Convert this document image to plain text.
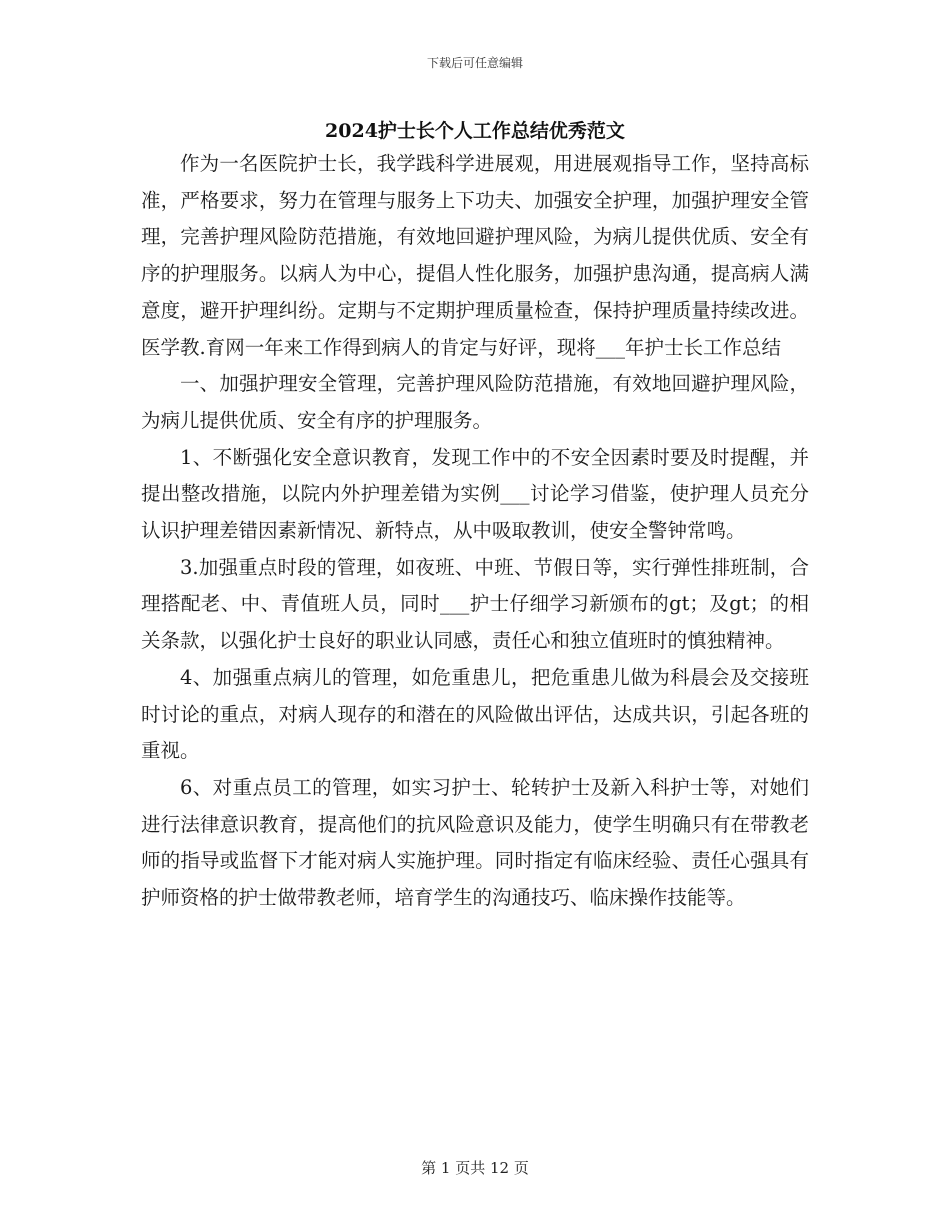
下载后可任意编辑
2024护士长个人工作总结优秀范文

作为一名医院护士长，我学践科学进展观，用进展观指导工作，坚持高标准，严格要求，努力在管理与服务上下功夫、加强安全护理，加强护理安全管理，完善护理风险防范措施，有效地回避护理风险，为病儿提供优质、安全有序的护理服务。以病人为中心，提倡人性化服务，加强护患沟通，提高病人满意度，避开护理纠纷。定期与不定期护理质量检查，保持护理质量持续改进。医学教.育网一年来工作得到病人的肯定与好评，现将___年护士长工作总结

一、加强护理安全管理，完善护理风险防范措施，有效地回避护理风险，为病儿提供优质、安全有序的护理服务。

1、不断强化安全意识教育，发现工作中的不安全因素时要及时提醒，并提出整改措施，以院内外护理差错为实例___讨论学习借鉴，使护理人员充分认识护理差错因素新情况、新特点，从中吸取教训，使安全警钟常鸣。

3.加强重点时段的管理，如夜班、中班、节假日等，实行弹性排班制，合理搭配老、中、青值班人员，同时___护士仔细学习新颁布的gt；及gt；的相关条款，以强化护士良好的职业认同感，责任心和独立值班时的慎独精神。

4、加强重点病儿的管理，如危重患儿，把危重患儿做为科晨会及交接班时讨论的重点，对病人现存的和潜在的风险做出评估，达成共识，引起各班的重视。

6、对重点员工的管理，如实习护士、轮转护士及新入科护士等，对她们进行法律意识教育，提高他们的抗风险意识及能力，使学生明确只有在带教老师的指导或监督下才能对病人实施护理。同时指定有临床经验、责任心强具有护师资格的护士做带教老师，培育学生的沟通技巧、临床操作技能等。

第 1 页共 12 页
